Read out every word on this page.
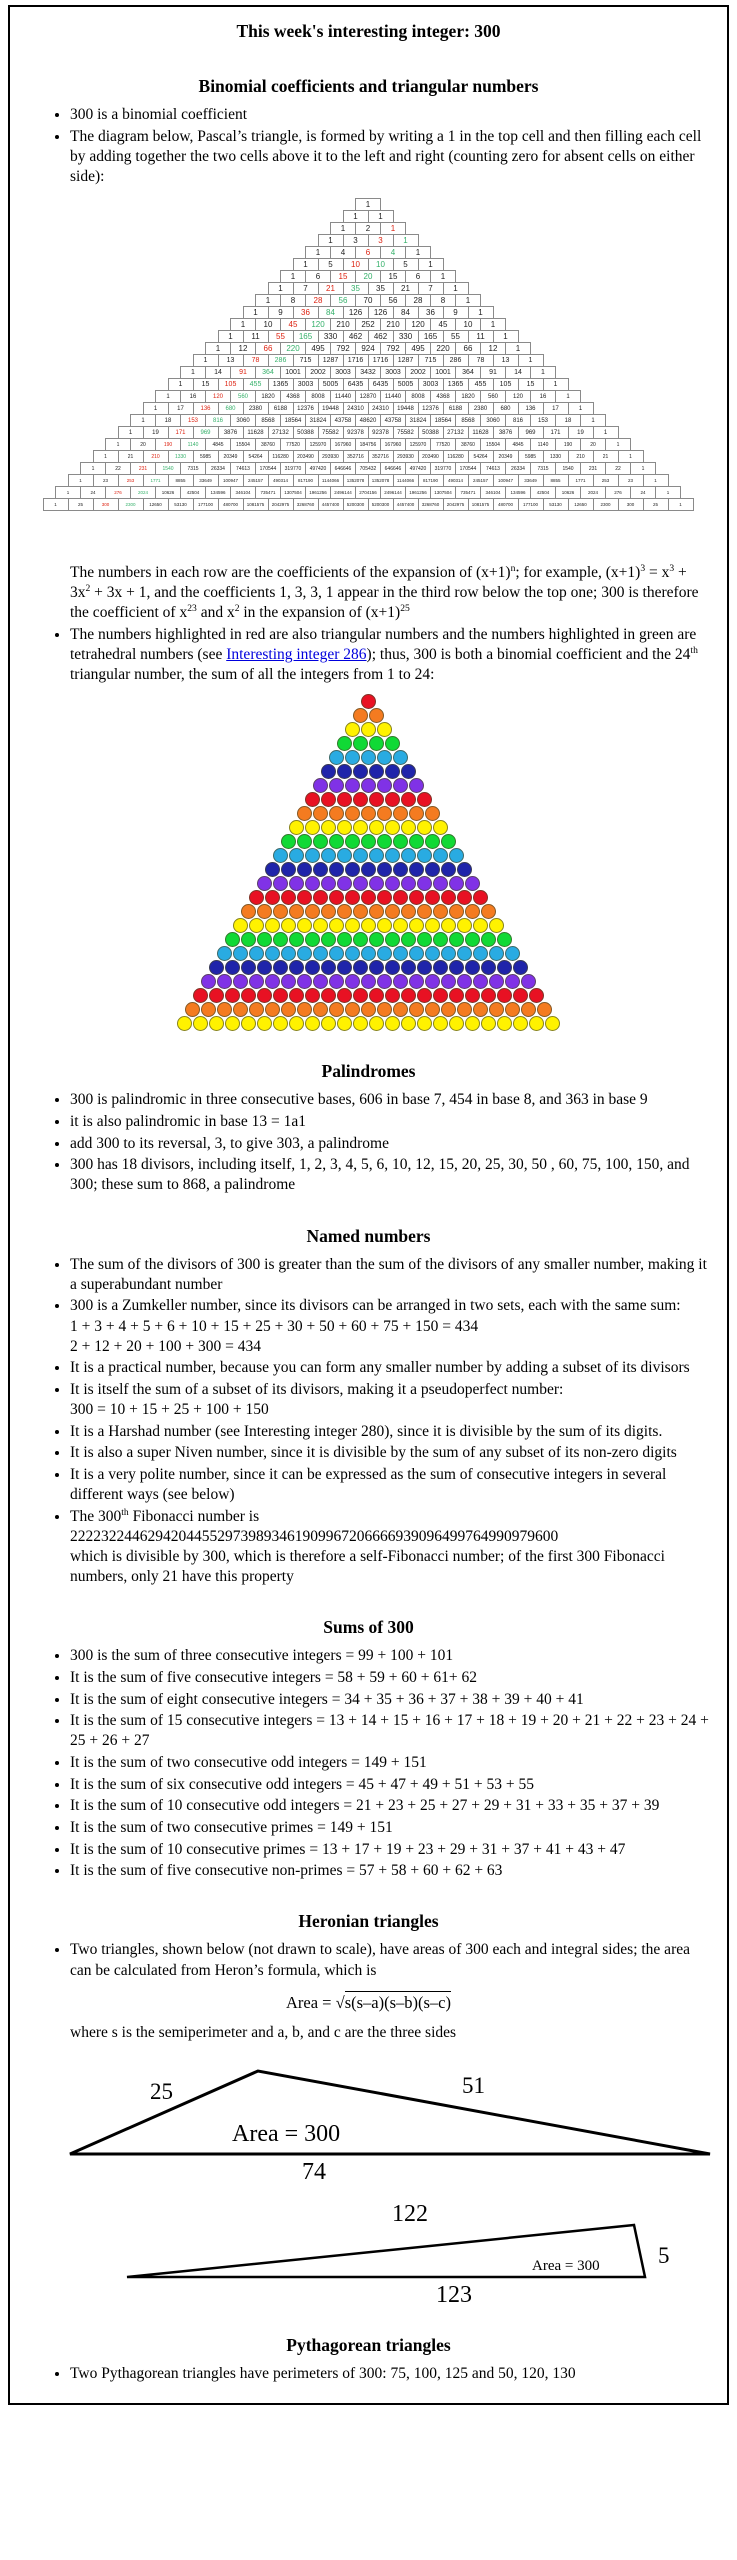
This week's interesting integer: 300
Binomial coefficients and triangular numbers
• 300 is a binomial coefficient
• The diagram below, Pascal’s triangle, is formed by writing a 1 in the top cell and then filling each cell by adding together the two cells above it to the left and right (counting zero for absent cells on either side):
1
1	1
1	2	1
1	3	3	1
1	4	6	4	1
1	5	10	10	5	1
1	6	15	20	15	6	1
1	7	21	35	35	21	7	1
1	8	28	56	70	56	28	8	1
1	9	36	84	126	126	84	36	9	1
1	10	45	120	210	252	210	120	45	10	1
1	11	55	165	330	462	462	330	165	55	11	1
1	12	66	220	495	792	924	792	495	220	66	12	1
1	13	78	286	715	1287	1716	1716	1287	715	286	78	13	1
1	14	91	364	1001	2002	3003	3432	3003	2002	1001	364	91	14	1
1	15	105	455	1365	3003	5005	6435	6435	5005	3003	1365	455	105	15	1
1	16	120	560	1820	4368	8008	11440	12870	11440	8008	4368	1820	560	120	16	1
1	17	136	680	2380	6188	12376	19448	24310	24310	19448	12376	6188	2380	680	136	17	1
1	18	153	816	3060	8568	18564	31824	43758	48620	43758	31824	18564	8568	3060	816	153	18	1
1	19	171	969	3876	11628	27132	50388	75582	92378	92378	75582	50388	27132	11628	3876	969	171	19	1
1	20	190	1140	4845	15504	38760	77520	125970	167960	184756	167960	125970	77520	38760	15504	4845	1140	190	20	1
1	21	210	1330	5985	20349	54264	116280	203490	293930	352716	352716	293930	203490	116280	54264	20349	5985	1330	210	21	1
1	22	231	1540	7315	26334	74613	170544	319770	497420	646646	705432	646646	497420	319770	170544	74613	26334	7315	1540	231	22	1
1	23	253	1771	8855	33649	100947	245157	490314	817190	1144066	1352078	1352078	1144066	817190	490314	245157	100947	33649	8855	1771	253	23	1
1	24	276	2024	10626	42504	134596	346104	735471	1307504	1961256	2496144	2704156	2496144	1961256	1307504	735471	346104	134596	42504	10626	2024	276	24	1
1	25	300	2300	12650	53130	177100	480700	1081575	2042975	3268760	4457400	5200300	5200300	4457400	3268760	2042975	1081575	480700	177100	53130	12650	2300	300	25	1
The numbers in each row are the coefficients of the expansion of $(x+1)^n$; for example, $(x+1)^3 = x^3 + 3x^2 + 3x + 1$, and the coefficients 1, 3, 3, 1 appear in the third row below the top one; 300 is therefore the coefficient of $x^{23}$ and $x^2$ in the expansion of $(x+1)^{25}$
• The numbers highlighted in red are also triangular numbers and the numbers highlighted in green are tetrahedral numbers (see Interesting integer 286); thus, 300 is both a binomial coefficient and the 24th triangular number, the sum of all the integers from 1 to 24:
Palindromes
• 300 is palindromic in three consecutive bases, 606 in base 7, 454 in base 8, and 363 in base 9
• it is also palindromic in base 13 = 1a1
• add 300 to its reversal, 3, to give 303, a palindrome
• 300 has 18 divisors, including itself, 1, 2, 3, 4, 5, 6, 10, 12, 15, 20, 25, 30, 50 , 60, 75, 100, 150, and 300; these sum to 868, a palindrome
Named numbers
• The sum of the divisors of 300 is greater than the sum of the divisors of any smaller number, making it a superabundant number
• 300 is a Zumkeller number, since its divisors can be arranged in two sets, each with the same sum:
1 + 3 + 4 + 5 + 6 + 10 + 15 + 25 + 30 + 50 + 60 + 75 + 150 = 434
2 + 12 + 20 + 100 + 300 = 434
• It is a practical number, because you can form any smaller number by adding a subset of its divisors
• It is itself the sum of a subset of its divisors, making it a pseudoperfect number:
300 = 10 + 15 + 25 + 100 + 150
• It is a Harshad number (see Interesting integer 280), since it is divisible by the sum of its digits.
• It is also a super Niven number, since it is divisible by the sum of any subset of its non-zero digits
• It is a very polite number, since it can be expressed as the sum of consecutive integers in several different ways (see below)
• The 300th Fibonacci number is
222232244629420445529739893461909967206666939096499764990979600
which is divisible by 300, which is therefore a self-Fibonacci number; of the first 300 Fibonacci numbers, only 21 have this property
Sums of 300
• 300 is the sum of three consecutive integers = 99 + 100 + 101
• It is the sum of five consecutive integers = 58 + 59 + 60 + 61+ 62
• It is the sum of eight consecutive integers = 34 + 35 + 36 + 37 + 38 + 39 + 40 + 41
• It is the sum of 15 consecutive integers = 13 + 14 + 15 + 16 + 17 + 18 + 19 + 20 + 21 + 22 + 23 + 24 + 25 + 26 + 27
• It is the sum of two consecutive odd integers = 149 + 151
• It is the sum of six consecutive odd integers = 45 + 47 + 49 + 51 + 53 + 55
• It is the sum of 10 consecutive odd integers = 21 + 23 + 25 + 27 + 29 + 31 + 33 + 35 + 37 + 39
• It is the sum of two consecutive primes = 149 + 151
• It is the sum of 10 consecutive primes = 13 + 17 + 19 + 23 + 29 + 31 + 37 + 41 + 43 + 47
• It is the sum of five consecutive non-primes = 57 + 58 + 60 + 62 + 63
Heronian triangles
• Two triangles, shown below (not drawn to scale), have areas of 300 each and integral sides; the area can be calculated from Heron’s formula, which is
Area = √s(s–a)(s–b)(s–c)
where s is the semiperimeter and a, b, and c are the three sides
25	51
Area = 300
74
122
Area = 300	5
123
Pythagorean triangles
• Two Pythagorean triangles have perimeters of 300: 75, 100, 125 and 50, 120, 130
